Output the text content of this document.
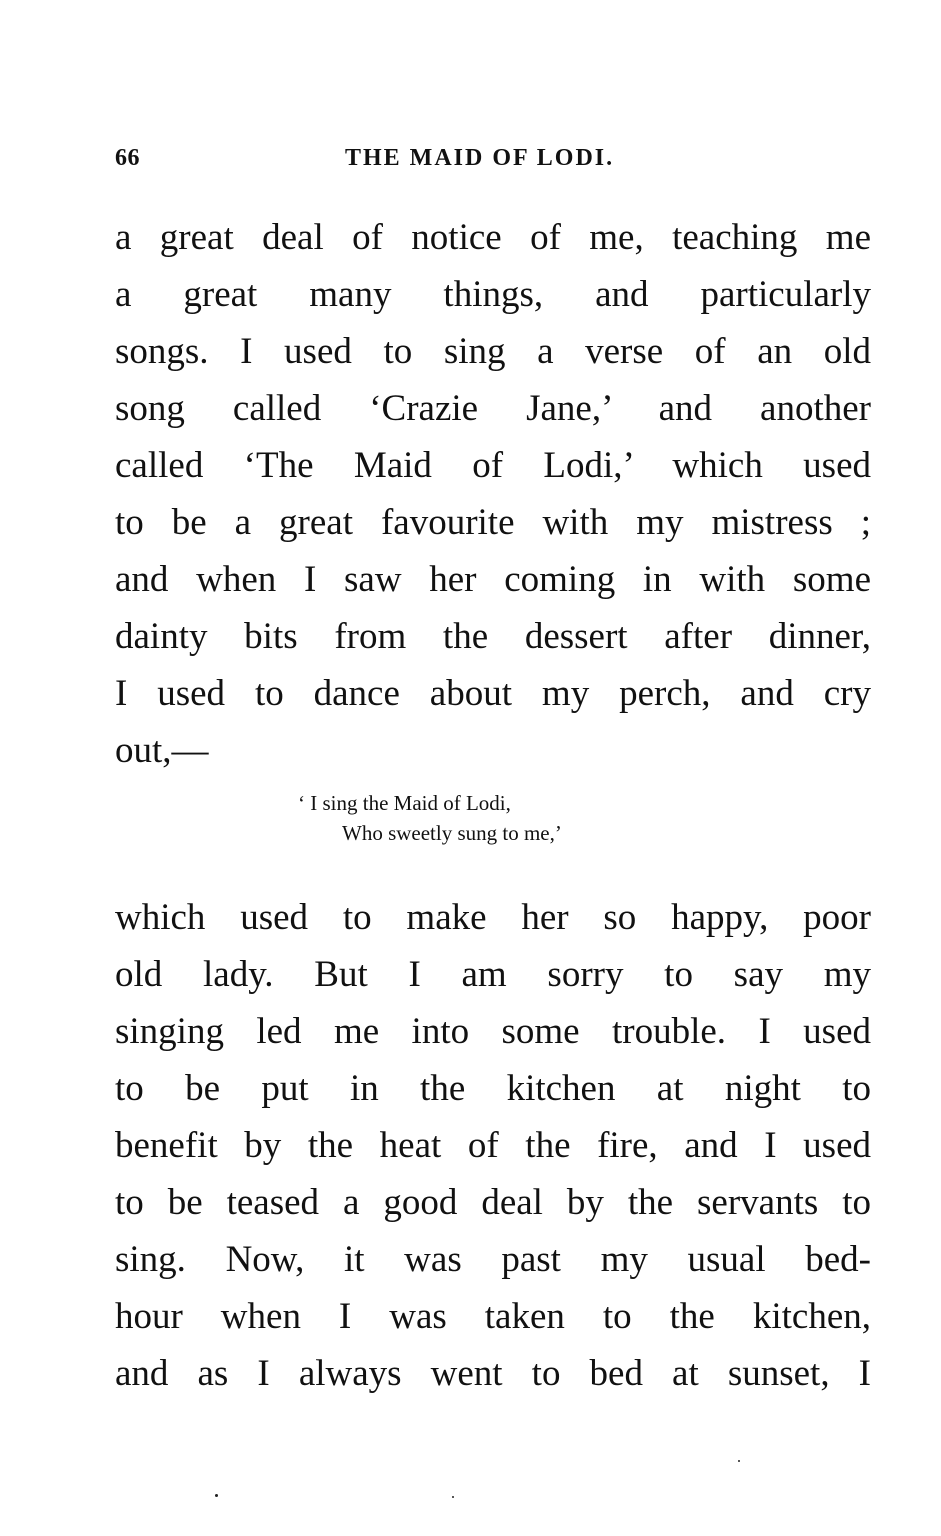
66	THE MAID OF LODI.
a great deal of notice of me, teaching me
a great many things, and particularly
songs. I used to sing a verse of an old
song called ‘Crazie Jane,’ and another
called ‘The Maid of Lodi,’ which used
to be a great favourite with my mistress ;
and when I saw her coming in with some
dainty bits from the dessert after dinner,
I used to dance about my perch, and cry
out,—
‘ I sing the Maid of Lodi,
Who sweetly sung to me,’
which used to make her so happy, poor
old lady. But I am sorry to say my
singing led me into some trouble. I used
to be put in the kitchen at night to
benefit by the heat of the fire, and I used
to be teased a good deal by the servants to
sing. Now, it was past my usual bed-
hour when I was taken to the kitchen,
and as I always went to bed at sunset, I
